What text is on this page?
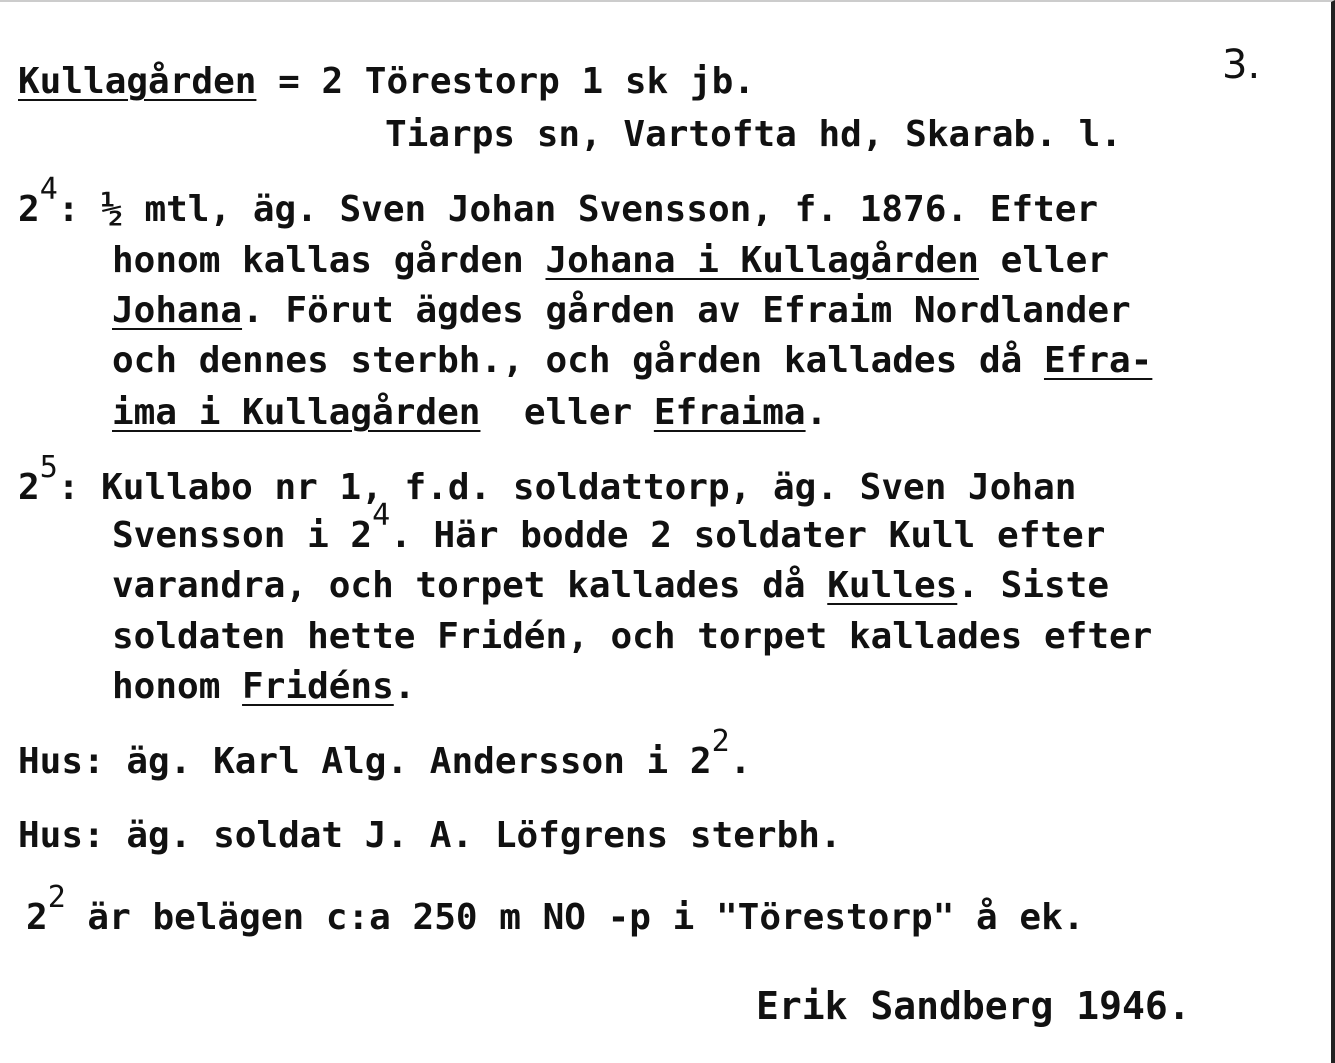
Kullagården = 2 Törestorp 1 sk jb.	3.
Tiarps sn, Vartofta hd, Skarab. l.
$2^4$: ½ mtl, äg. Sven Johan Svensson, f. 1876. Efter
honom kallas gården Johana i Kullagården eller
Johana. Förut ägdes gården av Efraim Nordlander
och dennes sterbh., och gården kallades då Efra-
ima i Kullagården  eller Efraima.
$2^5$: Kullabo nr 1, f.d. soldattorp, äg. Sven Johan
Svensson i $2^4$. Här bodde 2 soldater Kull efter
varandra, och torpet kallades då Kulles. Siste
soldaten hette Fridén, och torpet kallades efter
honom Fridéns.
Hus: äg. Karl Alg. Andersson i $2^2$.
Hus: äg. soldat J. A. Löfgrens sterbh.
$2^2$ är belägen c:a 250 m NO -p i "Törestorp" å ek.
Erik Sandberg 1946.
